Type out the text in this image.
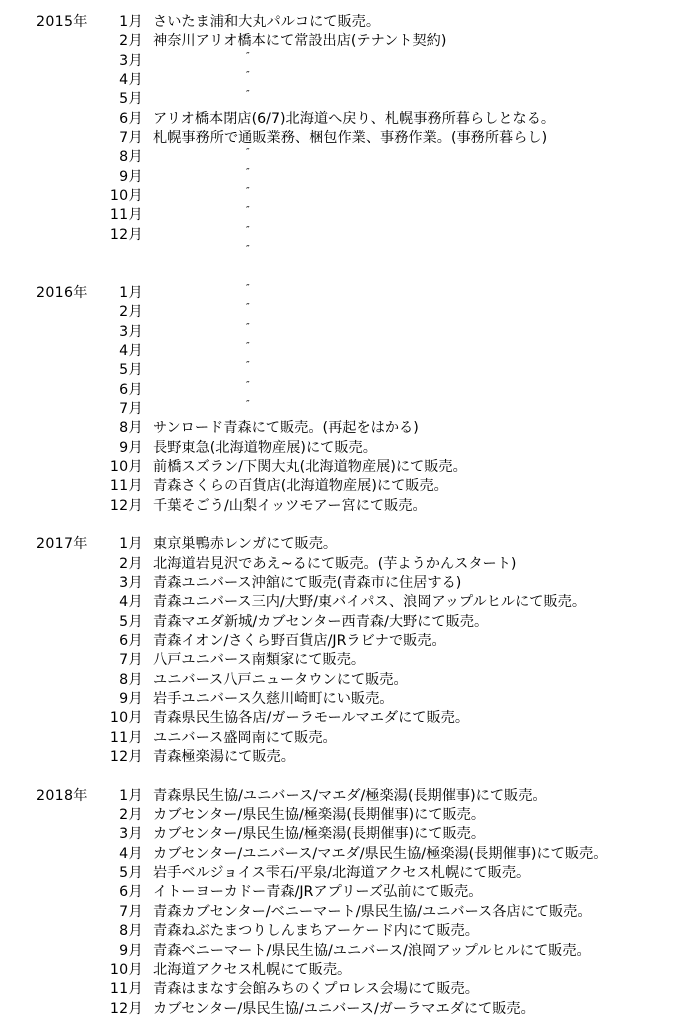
2015年 1月 さいたま浦和大丸パルコにて販売。
2月 神奈川アリオ橋本にて常設出店(テナント契約)
3月	″
4月	″
5月	″
6月 アリオ橋本閉店(6/7)北海道へ戻り、札幌事務所暮らしとなる。
7月 札幌事務所で通販業務、梱包作業、事務作業。(事務所暮らし)
8月	″
9月	″
10月	″
11月	″
12月	″
″
2016年 1月	″
2月	″
3月	″
4月	″
5月	″
6月	″
7月	″
8月 サンロード青森にて販売。(再起をはかる)
9月 長野東急(北海道物産展)にて販売。
10月 前橋スズラン/下関大丸(北海道物産展)にて販売。
11月 青森さくらの百貨店(北海道物産展)にて販売。
12月 千葉そごう/山梨イッツモアー宮にて販売。
2017年 1月 東京巣鴨赤レンガにて販売。
2月 北海道岩見沢であえ~るにて販売。(芋ようかんスタート)
3月 青森ユニバース沖舘にて販売(青森市に住居する)
4月 青森ユニバース三内/大野/東バイパス、浪岡アップルヒルにて販売。
5月 青森マエダ新城/カブセンター西青森/大野にて販売。
6月 青森イオン/さくら野百貨店/JRラビナで販売。
7月 八戸ユニバース南類家にて販売。
8月 ユニバース八戸ニュータウンにて販売。
9月 岩手ユニバース久慈川崎町にい販売。
10月 青森県民生協各店/ガーラモールマエダにて販売。
11月 ユニバース盛岡南にて販売。
12月 青森極楽湯にて販売。
2018年 1月 青森県民生協/ユニバース/マエダ/極楽湯(長期催事)にて販売。
2月 カブセンター/県民生協/極楽湯(長期催事)にて販売。
3月 カブセンター/県民生協/極楽湯(長期催事)にて販売。
4月 カブセンター/ユニバース/マエダ/県民生協/極楽湯(長期催事)にて販売。
5月 岩手ベルジョイス雫石/平泉/北海道アクセス札幌にて販売。
6月 イトーヨーカドー青森/JRアプリーズ弘前にて販売。
7月 青森カブセンター/ベニーマート/県民生協/ユニバース各店にて販売。
8月 青森ねぶたまつりしんまちアーケード内にて販売。
9月 青森ベニーマート/県民生協/ユニバース/浪岡アップルヒルにて販売。
10月 北海道アクセス札幌にて販売。
11月 青森はまなす会館みちのくプロレス会場にて販売。
12月 カブセンター/県民生協/ユニバース/ガーラマエダにて販売。
